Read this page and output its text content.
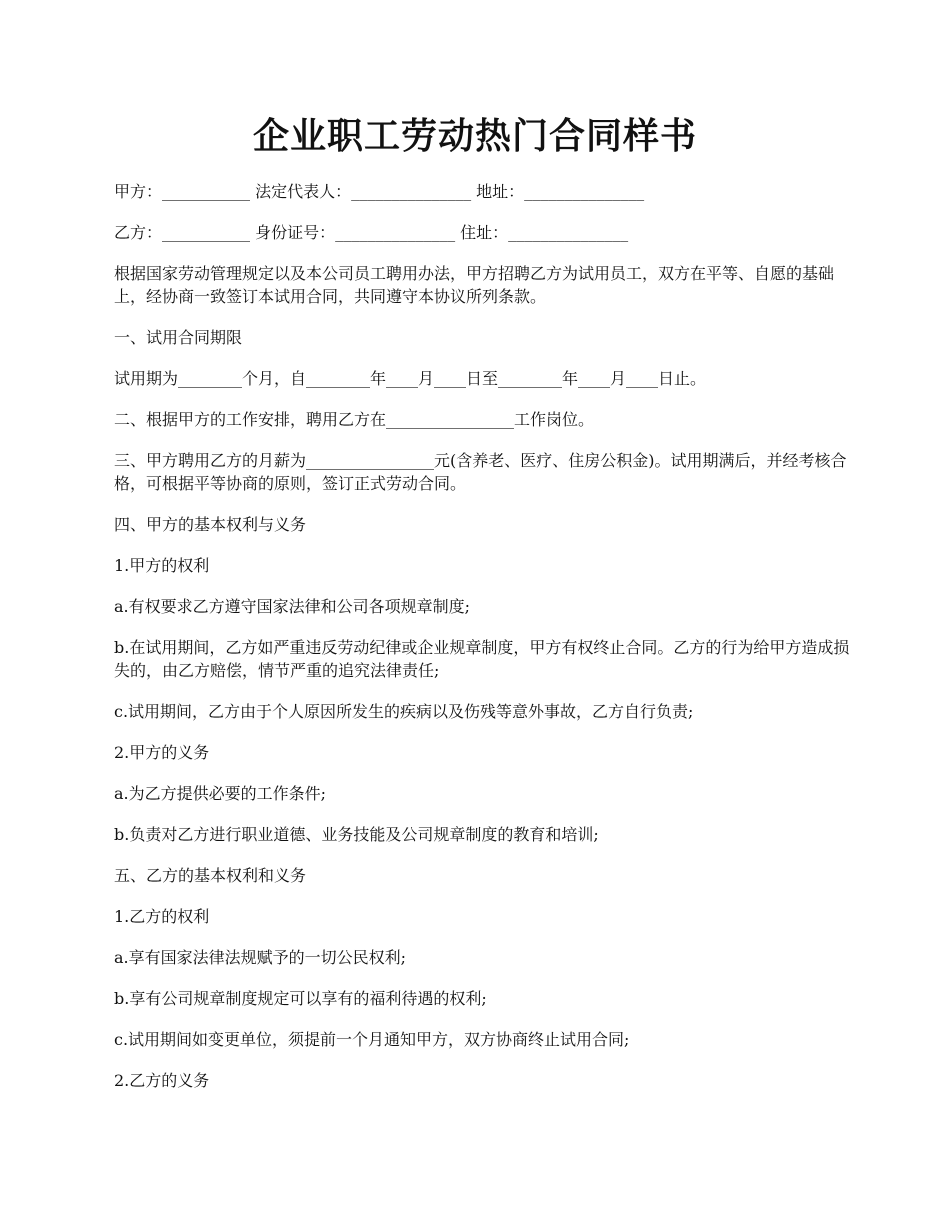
企业职工劳动热门合同样书

甲方：___________ 法定代表人：_______________ 地址：_______________

乙方：___________ 身份证号：_______________ 住址：_______________

根据国家劳动管理规定以及本公司员工聘用办法，甲方招聘乙方为试用员工，双方在平等、自愿的基础上，经协商一致签订本试用合同，共同遵守本协议所列条款。

一、试用合同期限

试用期为________个月，自________年____月____日至________年____月____日止。

二、根据甲方的工作安排，聘用乙方在________________工作岗位。

三、甲方聘用乙方的月薪为________________元(含养老、医疗、住房公积金)。试用期满后，并经考核合格，可根据平等协商的原则，签订正式劳动合同。

四、甲方的基本权利与义务

1.甲方的权利

a.有权要求乙方遵守国家法律和公司各项规章制度;

b.在试用期间，乙方如严重违反劳动纪律或企业规章制度，甲方有权终止合同。乙方的行为给甲方造成损失的，由乙方赔偿，情节严重的追究法律责任;

c.试用期间，乙方由于个人原因所发生的疾病以及伤残等意外事故，乙方自行负责;

2.甲方的义务

a.为乙方提供必要的工作条件;

b.负责对乙方进行职业道德、业务技能及公司规章制度的教育和培训;

五、乙方的基本权利和义务

1.乙方的权利

a.享有国家法律法规赋予的一切公民权利;

b.享有公司规章制度规定可以享有的福利待遇的权利;

c.试用期间如变更单位，须提前一个月通知甲方，双方协商终止试用合同;

2.乙方的义务
